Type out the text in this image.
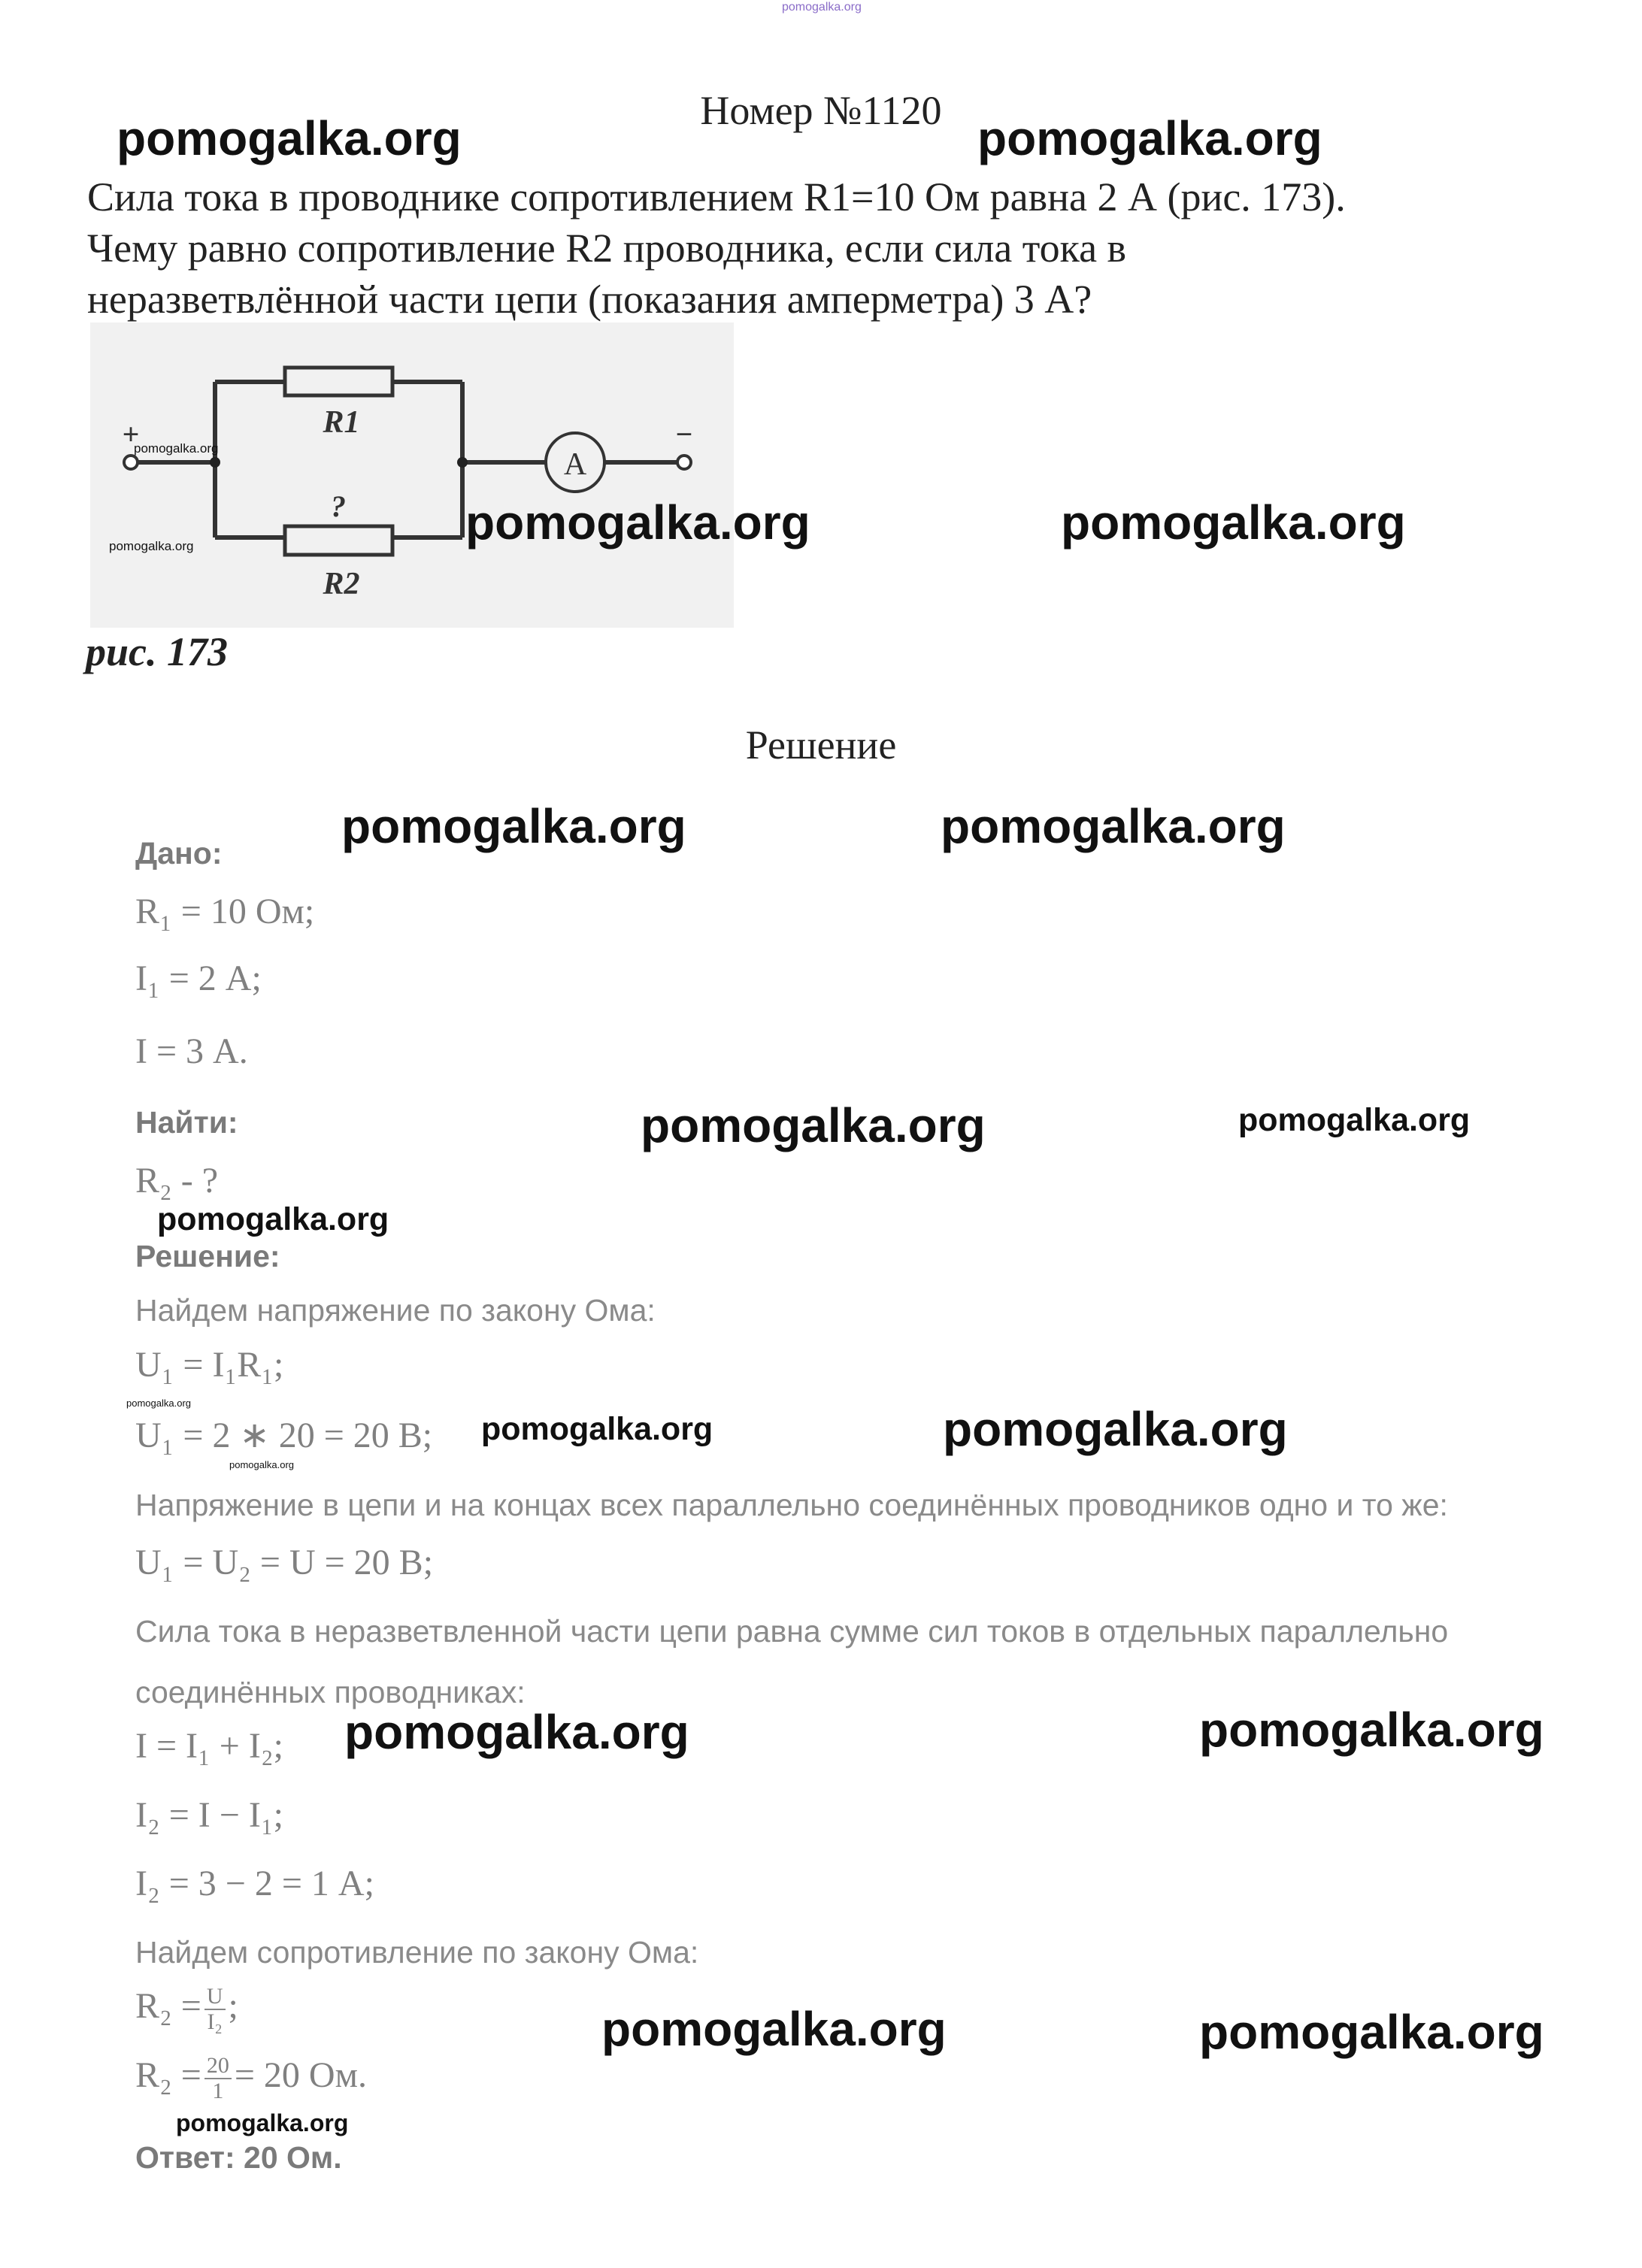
pomogalka.org
Номер №1120
Сила тока в проводнике сопротивлением R1=10 Ом равна 2 А (рис. 173).
Чему равно сопротивление R2 проводника, если сила тока в
неразветвлённой части цепи (показания амперметра) 3 А?
R1
?
R2
A
+	−
рис. 173
Решение
Дано:
R₁ = 10 Ом;
I₁ = 2 А;
I = 3 А.
Найти:
R₂ - ?
Решение:
Найдем напряжение по закону Ома:
U₁ = I₁R₁;
U₁ = 2 ∗ 20 = 20 В;
Напряжение в цепи и на концах всех параллельно соединённых проводников одно и то же:
U₁ = U₂ = U = 20 В;
Сила тока в неразветвленной части цепи равна сумме сил токов в отдельных параллельно
соединённых проводниках:
I = I₁ + I₂;
I₂ = I − I₁;
I₂ = 3 − 2 = 1 А;
Найдем сопротивление по закону Ома:
$R_2 = \frac{U}{\text{I₂}}$ ;
$R_2 = \frac{20}{1} = 20$ Ом.
Ответ: 20 Ом.
pomogalka.org	pomogalka.org
pomogalka.org	pomogalka.org
pomogalka.org
pomogalka.org
pomogalka.org	pomogalka.org
pomogalka.org	pomogalka.org
pomogalka.org
pomogalka.org
pomogalka.org
pomogalka.org	pomogalka.org
pomogalka.org	pomogalka.org
pomogalka.org	pomogalka.org
pomogalka.org
